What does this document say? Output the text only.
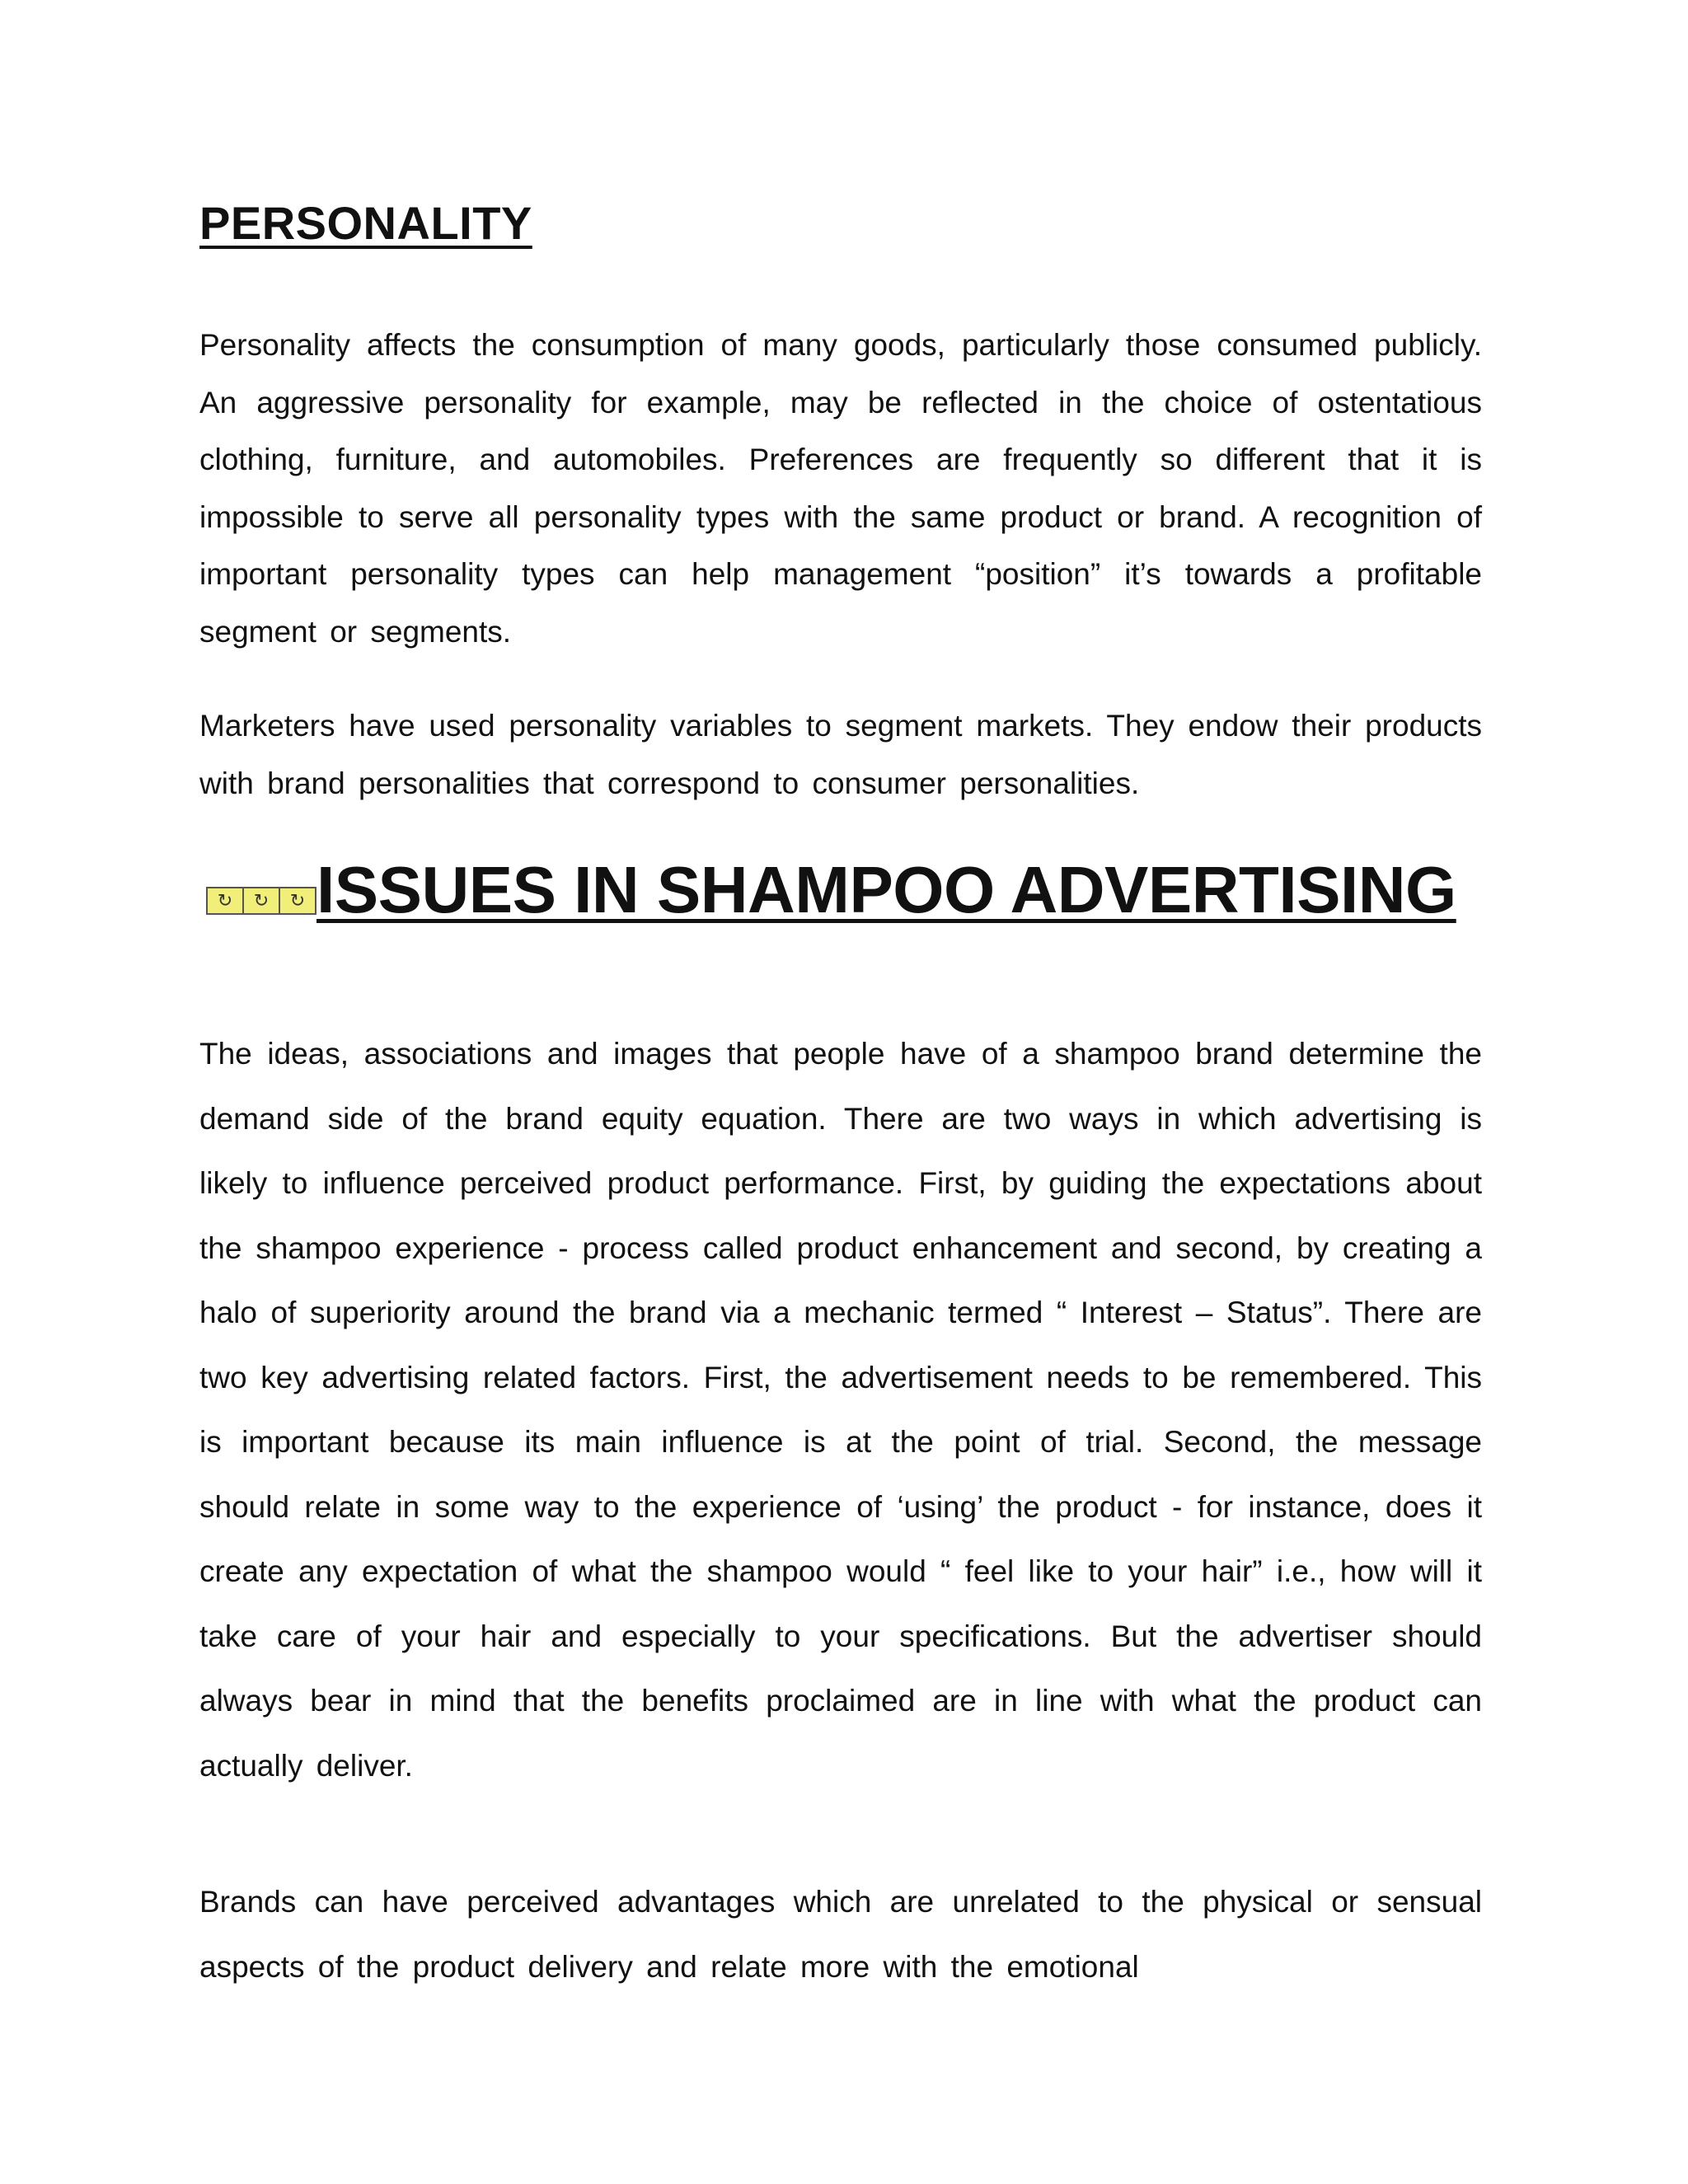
PERSONALITY

Personality affects the consumption of many goods, particularly those consumed publicly. An aggressive personality for example, may be reflected in the choice of ostentatious clothing, furniture, and automobiles. Preferences are frequently so different that it is impossible to serve all personality types with the same product or brand. A recognition of important personality types can help management “position” it’s towards a profitable segment or segments.

Marketers have used personality variables to segment markets. They endow their products with brand personalities that correspond to consumer personalities.

↻	↻	↻ ISSUES IN SHAMPOO ADVERTISING

The ideas, associations and images that people have of a shampoo brand determine the demand side of the brand equity equation. There are two ways in which advertising is likely to influence perceived product performance. First, by guiding the expectations about the shampoo experience - process called product enhancement and second, by creating a halo of superiority around the brand via a mechanic termed “ Interest – Status”. There are two key advertising related factors. First, the advertisement needs to be remembered. This is important because its main influence is at the point of trial. Second, the message should relate in some way to the experience of ‘using’ the product - for instance, does it create any expectation of what the shampoo would “ feel like to your hair” i.e., how will it take care of your hair and especially to your specifications. But the advertiser should always bear in mind that the benefits proclaimed are in line with what the product can actually deliver.

Brands can have perceived advantages which are unrelated to the physical or sensual aspects of the product delivery and relate more with the emotional
